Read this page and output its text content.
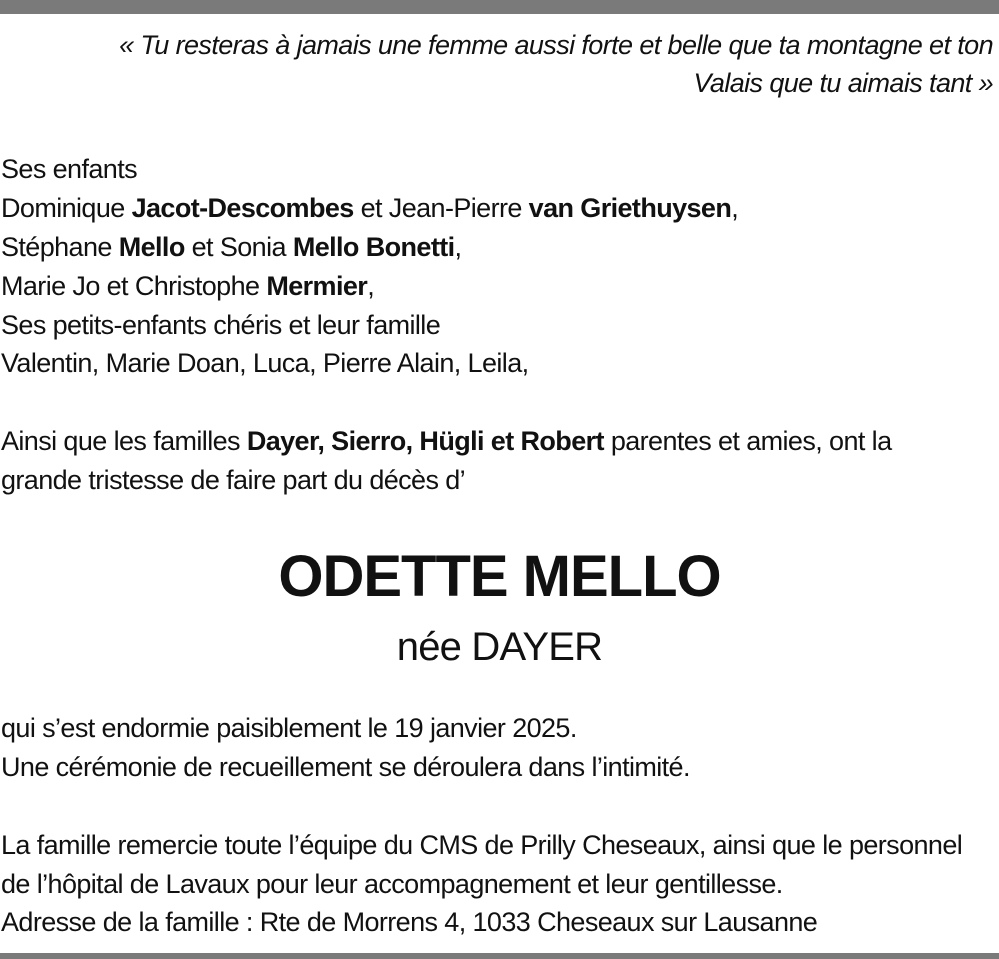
« Tu resteras à jamais une femme aussi forte et belle que ta montagne et ton
Valais que tu aimais tant »
Ses enfants
Dominique Jacot-Descombes et Jean-Pierre van Griethuysen,
Stéphane Mello et Sonia Mello Bonetti,
Marie Jo et Christophe Mermier,
Ses petits-enfants chéris et leur famille
Valentin, Marie Doan, Luca, Pierre Alain, Leila,
Ainsi que les familles Dayer, Sierro, Hügli et Robert parentes et amies, ont la
grande tristesse de faire part du décès d’
ODETTE MELLO
née DAYER
qui s’est endormie paisiblement le 19 janvier 2025.
Une cérémonie de recueillement se déroulera dans l’intimité.
La famille remercie toute l’équipe du CMS de Prilly Cheseaux, ainsi que le personnel
de l’hôpital de Lavaux pour leur accompagnement et leur gentillesse.
Adresse de la famille : Rte de Morrens 4, 1033 Cheseaux sur Lausanne
